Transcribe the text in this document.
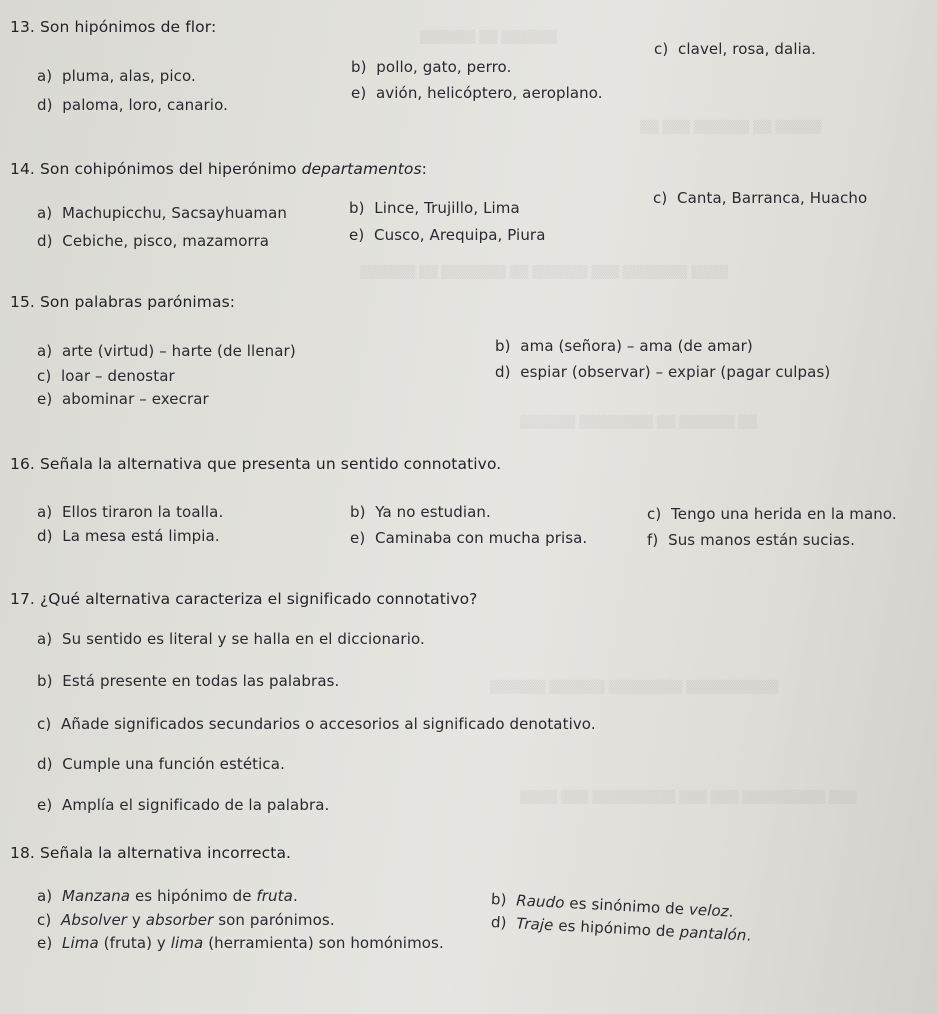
▒▒▒▒▒▒ ▒▒ ▒▒▒▒▒▒
▒▒▒▒▒ ▒▒ ▒▒▒▒▒▒ ▒▒▒ ▒▒
▒▒▒▒ ▒▒▒▒▒▒▒ ▒▒▒ ▒▒▒▒▒▒ ▒▒ ▒▒▒▒▒▒▒ ▒▒ ▒▒▒▒▒▒
▒▒ ▒▒▒▒▒▒ ▒▒ ▒▒▒▒▒▒▒▒ ▒▒▒▒▒▒
▒▒▒▒▒▒▒▒▒▒ ▒▒▒▒▒▒▒▒ ▒▒▒▒▒▒ ▒▒▒▒▒▒
▒▒▒ ▒▒▒▒▒▒▒▒▒ ▒▒▒ ▒▒▒ ▒▒▒▒▒▒▒▒▒ ▒▒▒ ▒▒▒▒
13. Son hipónimos de flor:
a)  pluma, alas, pico.	b)  pollo, gato, perro.
c)  clavel, rosa, dalia.
d)  paloma, loro, canario.
e)  avión, helicóptero, aeroplano.
14. Son cohipónimos del hiperónimo departamentos:
a)  Machupicchu, Sacsayhuaman	b)  Lince, Trujillo, Lima
c)  Canta, Barranca, Huacho
d)  Cebiche, pisco, mazamorra	e)  Cusco, Arequipa, Piura
15. Son palabras parónimas:
a)  arte (virtud) – harte (de llenar)	b)  ama (señora) – ama (de amar)
c)  loar – denostar	d)  espiar (observar) – expiar (pagar culpas)
e)  abominar – execrar
16. Señala la alternativa que presenta un sentido connotativo.
a)  Ellos tiraron la toalla.	b)  Ya no estudian.	c)  Tengo una herida en la mano.
d)  La mesa está limpia.	e)  Caminaba con mucha prisa.	f)  Sus manos están sucias.
17. ¿Qué alternativa caracteriza el significado connotativo?
a)  Su sentido es literal y se halla en el diccionario.
b)  Está presente en todas las palabras.
c)  Añade significados secundarios o accesorios al significado denotativo.
d)  Cumple una función estética.
e)  Amplía el significado de la palabra.
18. Señala la alternativa incorrecta.
a)  Manzana es hipónimo de fruta.	b)  Raudo es sinónimo de veloz.
c)  Absolver y absorber son parónimos.	d)  Traje es hipónimo de pantalón.
e)  Lima (fruta) y lima (herramienta) son homónimos.
